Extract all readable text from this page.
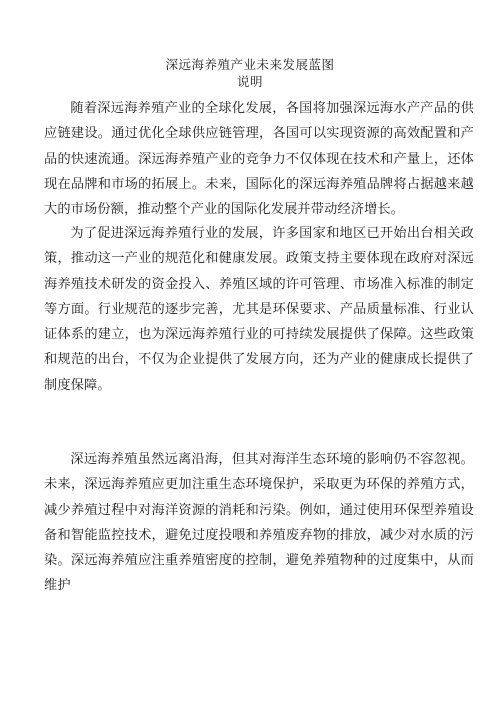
深远海养殖产业未来发展蓝图
说明

随着深远海养殖产业的全球化发展，各国将加强深远海水产产品的供应链建设。通过优化全球供应链管理，各国可以实现资源的高效配置和产品的快速流通。深远海养殖产业的竞争力不仅体现在技术和产量上，还体现在品牌和市场的拓展上。未来，国际化的深远海养殖品牌将占据越来越大的市场份额，推动整个产业的国际化发展并带动经济增长。

为了促进深远海养殖行业的发展，许多国家和地区已开始出台相关政策，推动这一产业的规范化和健康发展。政策支持主要体现在政府对深远海养殖技术研发的资金投入、养殖区域的许可管理、市场准入标准的制定等方面。行业规范的逐步完善，尤其是环保要求、产品质量标准、行业认证体系的建立，也为深远海养殖行业的可持续发展提供了保障。这些政策和规范的出台，不仅为企业提供了发展方向，还为产业的健康成长提供了制度保障。

深远海养殖虽然远离沿海，但其对海洋生态环境的影响仍不容忽视。未来，深远海养殖应更加注重生态环境保护，采取更为环保的养殖方式，减少养殖过程中对海洋资源的消耗和污染。例如，通过使用环保型养殖设备和智能监控技术，避免过度投喂和养殖废弃物的排放，减少对水质的污染。深远海养殖应注重养殖密度的控制，避免养殖物种的过度集中，从而维护
